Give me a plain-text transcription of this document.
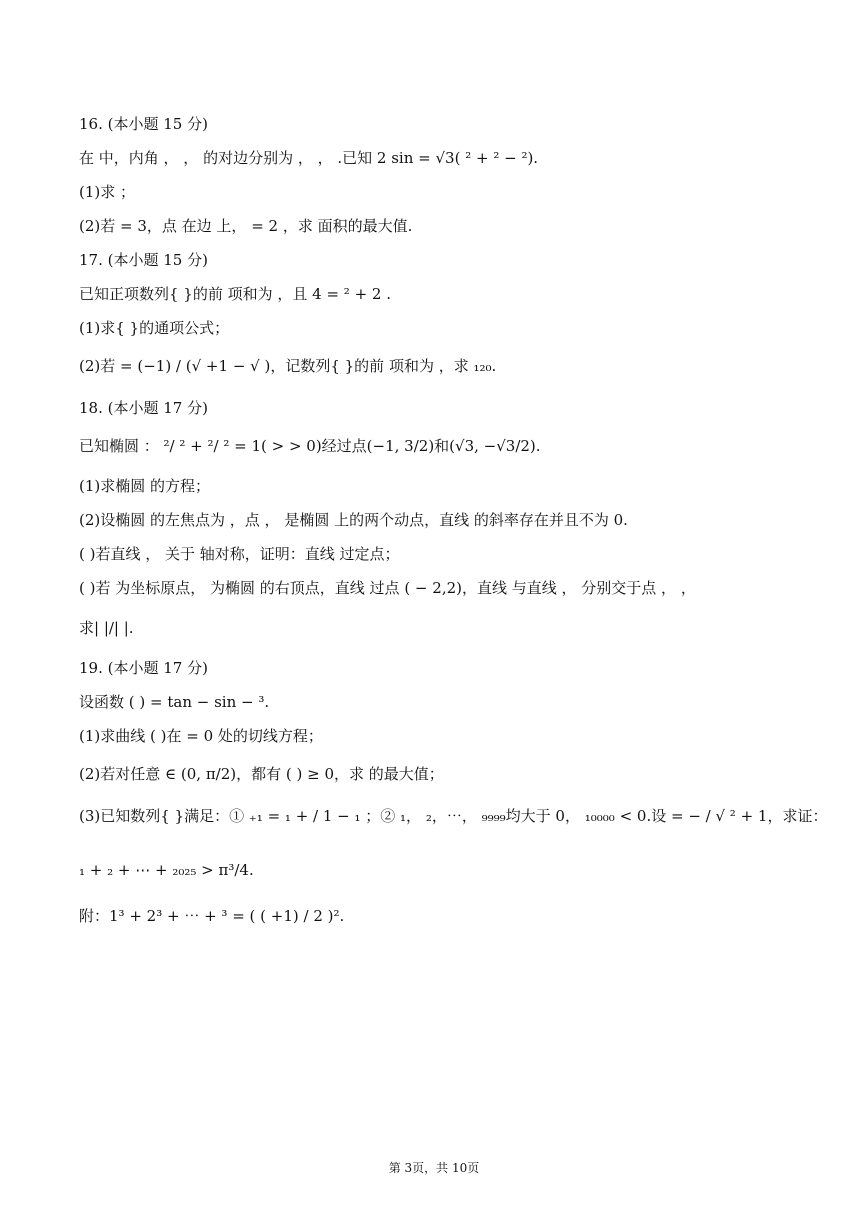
16. (本小题 15 分)
在 中，内角 ， ， 的对边分别为 ， ， .已知 2 sin = √3( ² + ² − ²).
(1)求 ；
(2)若 = 3，点 在边 上， = 2 ，求 面积的最大值.
17. (本小题 15 分)
已知正项数列{ }的前 项和为 ，且 4 = ² + 2 .
(1)求{ }的通项公式；
(2)若 = (−1) / (√ +1 − √ )，记数列{ }的前 项和为 ，求 ₁₂₀.
18. (本小题 17 分)
已知椭圆 ： ²/ ² + ²/ ² = 1( > > 0)经过点(−1, 3/2)和(√3, −√3/2).
(1)求椭圆 的方程；
(2)设椭圆 的左焦点为 ，点 ， 是椭圆 上的两个动点，直线 的斜率存在并且不为 0.
( )若直线 ， 关于 轴对称，证明：直线 过定点；
( )若 为坐标原点， 为椭圆 的右顶点，直线 过点 ( − 2,2)，直线 与直线 ， 分别交于点 ， ，
求| |/| |.
19. (本小题 17 分)
设函数 ( ) = tan − sin − ³.
(1)求曲线 ( )在 = 0 处的切线方程；
(2)若对任意 ∈ (0, π/2)，都有 ( ) ≥ 0，求 的最大值；
(3)已知数列{ }满足：① ₊₁ = ₁ + / 1 − ₁ ；② ₁， ₂，⋯， ₉₉₉₉均大于 0， ₁₀₀₀₀ < 0.设 = − / √ ² + 1，求证：
₁ + ₂ + ⋯ + ₂₀₂₅ > π³/4.
附：1³ + 2³ + ⋯ + ³ = ( ( +1) / 2 )².
第 3页，共 10页
